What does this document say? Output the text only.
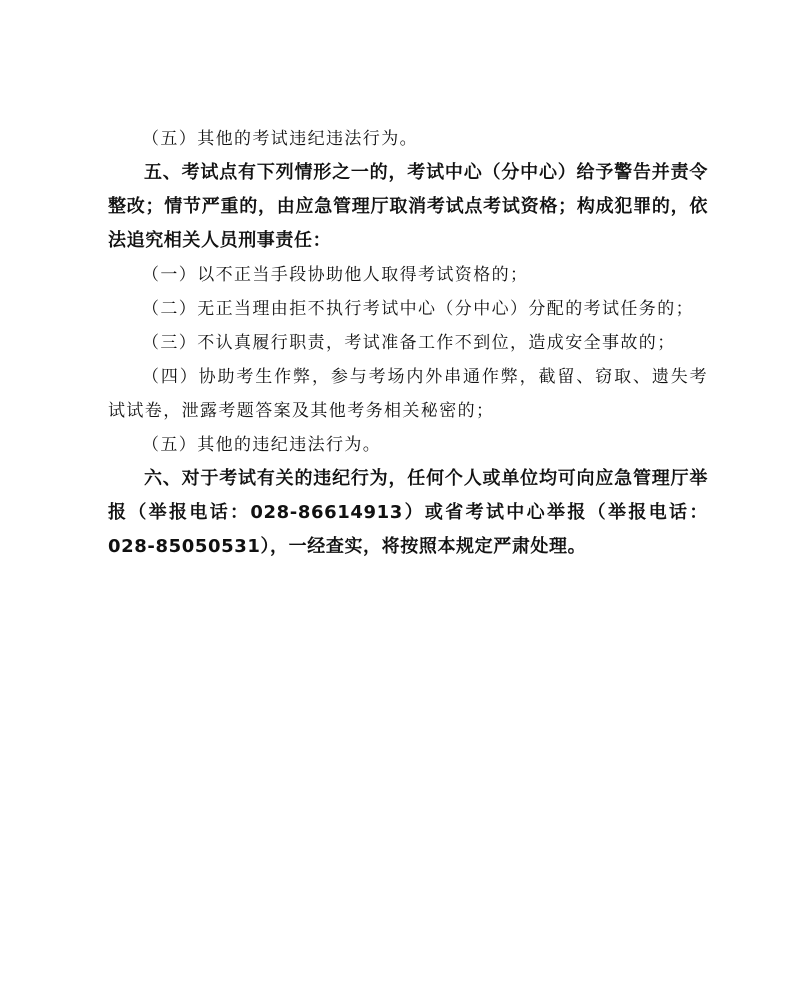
（五）其他的考试违纪违法行为。

五、考试点有下列情形之一的，考试中心（分中心）给予警告并责令整改；情节严重的，由应急管理厅取消考试点考试资格；构成犯罪的，依法追究相关人员刑事责任：

（一）以不正当手段协助他人取得考试资格的；

（二）无正当理由拒不执行考试中心（分中心）分配的考试任务的；

（三）不认真履行职责，考试准备工作不到位，造成安全事故的；

（四）协助考生作弊，参与考场内外串通作弊，截留、窃取、遗失考试试卷，泄露考题答案及其他考务相关秘密的；

（五）其他的违纪违法行为。

六、对于考试有关的违纪行为，任何个人或单位均可向应急管理厅举报（举报电话：028-86614913）或省考试中心举报（举报电话：028-85050531），一经查实，将按照本规定严肃处理。
